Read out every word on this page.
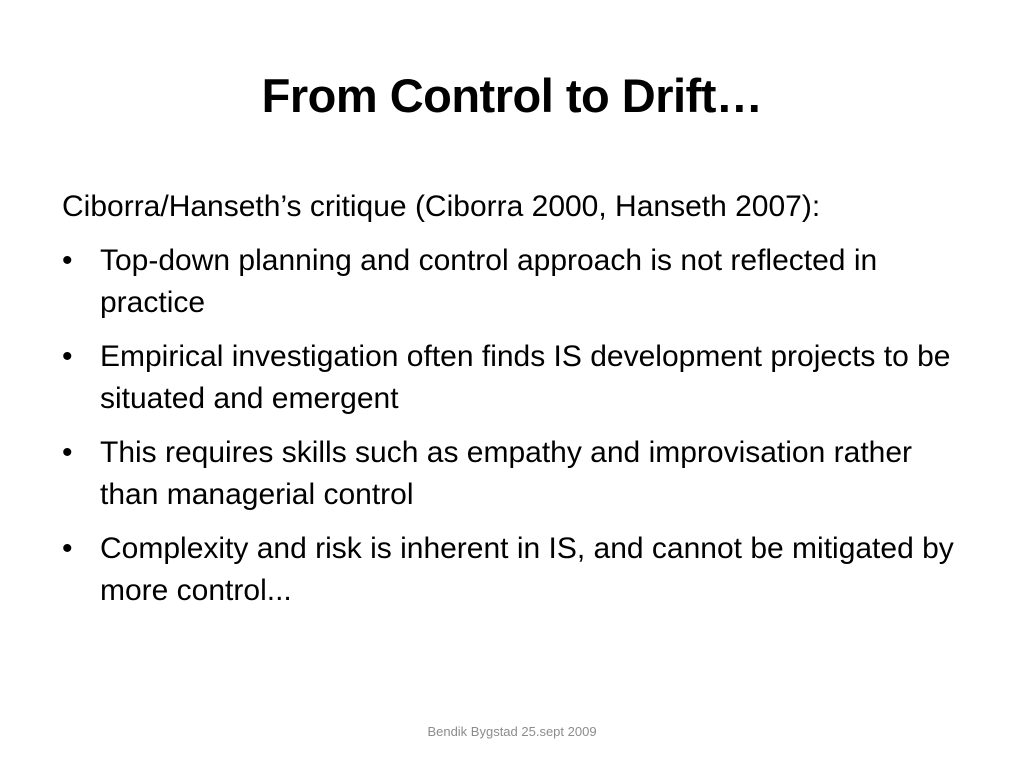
From Control to Drift…

Ciborra/Hanseth’s critique (Ciborra 2000, Hanseth 2007):

• Top-down planning and control approach is not reflected in practice
• Empirical investigation often finds IS development projects to be situated and emergent
• This requires skills such as empathy and improvisation rather than managerial control
• Complexity and risk is inherent in IS, and cannot be mitigated by more control...
Bendik Bygstad 25.sept 2009
